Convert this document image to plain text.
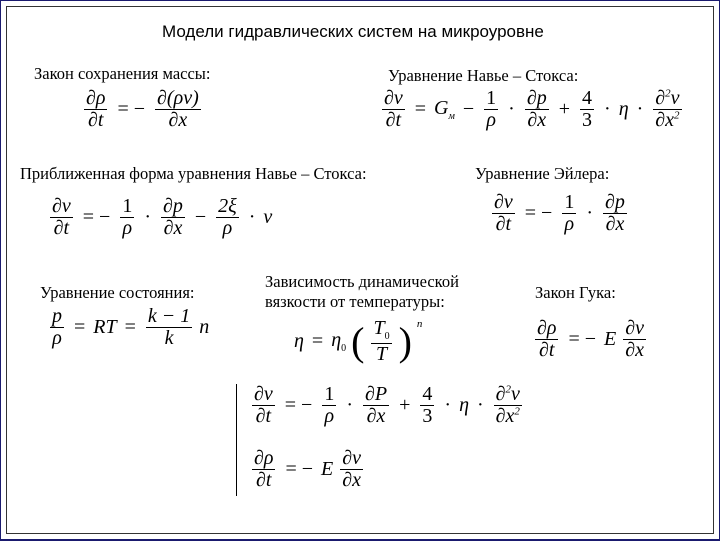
Модели гидравлических систем на микроуровне
Закон сохранения массы:	Уравнение Навье – Стокса:
Приближенная форма уравнения Навье – Стокса:	Уравнение Эйлера:
Уравнение состояния:
Зависимость динамической
вязкости от температуры:	Закон Гука:
$\frac{\partial\rho}{\partial t}$ = − $\frac{\partial(\rho v)}{\partial x}$	$\frac{\partial v}{\partial t} = G_м - \frac{1}{\rho} \cdot \frac{\partial p}{\partial x} + \frac{4}{3} \cdot \eta \cdot \frac{\partial^2v}{\partial x^2}$
$\frac{\partial v}{\partial t}$ = − $\frac{1}{\rho} \cdot \frac{\partial p}{\partial x} - \frac{2\xi}{\rho} \cdot v$	$\frac{\partial v}{\partial t}$ = − $\frac{1}{\rho} \cdot \frac{\partial p}{\partial x}$
$\frac{p}{\rho}$ = RT = $\frac{k - 1}{k}$ n
$\eta = \eta_0$ ( $\frac{T_0}{T}$ ) n	$\frac{\partial\rho}{\partial t}$ = − E $\frac{\partial v}{\partial x}$
$\frac{\partial v}{\partial t}$ = − $\frac{1}{\rho} \cdot \frac{\partial P}{\partial x} + \frac{4}{3} \cdot \eta \cdot \frac{\partial^2v}{\partial x^2}$
$\frac{\partial\rho}{\partial t}$ = − E $\frac{\partial v}{\partial x}$
